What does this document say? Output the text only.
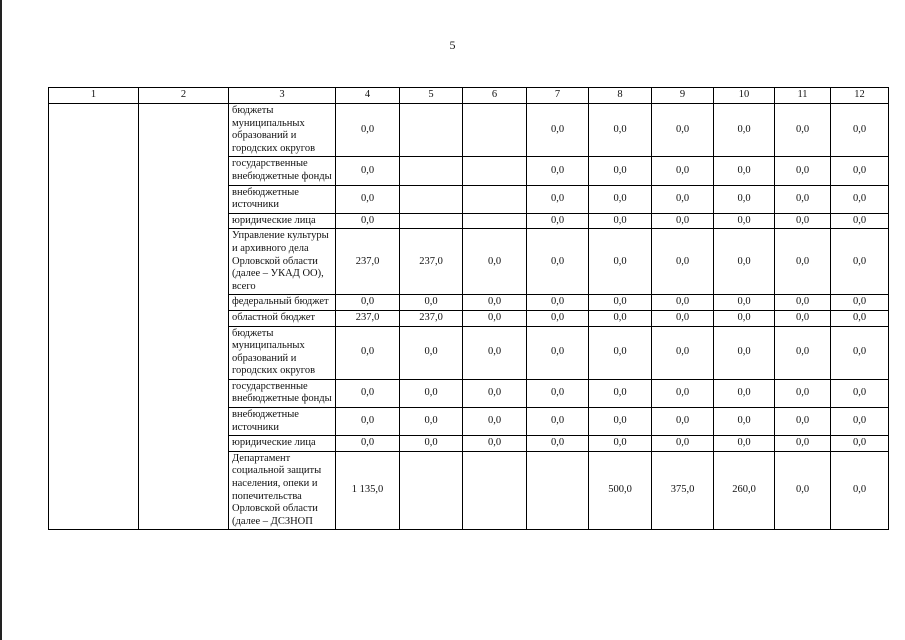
5
1	2	3	4	5	6	7	8	9	10	11	12
		бюджеты муниципальных образований и городских округов	0,0			0,0	0,0	0,0	0,0	0,0	0,0
		государственные внебюджетные фонды	0,0			0,0	0,0	0,0	0,0	0,0	0,0
		внебюджетные источники	0,0			0,0	0,0	0,0	0,0	0,0	0,0
		юридические лица	0,0			0,0	0,0	0,0	0,0	0,0	0,0
		Управление культуры и архивного дела Орловской области (далее – УКАД ОО), всего	237,0	237,0	0,0	0,0	0,0	0,0	0,0	0,0	0,0
		федеральный бюджет	0,0	0,0	0,0	0,0	0,0	0,0	0,0	0,0	0,0
		областной бюджет	237,0	237,0	0,0	0,0	0,0	0,0	0,0	0,0	0,0
		бюджеты муниципальных образований и городских округов	0,0	0,0	0,0	0,0	0,0	0,0	0,0	0,0	0,0
		государственные внебюджетные фонды	0,0	0,0	0,0	0,0	0,0	0,0	0,0	0,0	0,0
		внебюджетные источники	0,0	0,0	0,0	0,0	0,0	0,0	0,0	0,0	0,0
		юридические лица	0,0	0,0	0,0	0,0	0,0	0,0	0,0	0,0	0,0
		Департамент социальной защиты населения, опеки и попечительства Орловской области (далее – ДСЗНОП	1 135,0				500,0	375,0	260,0	0,0	0,0
